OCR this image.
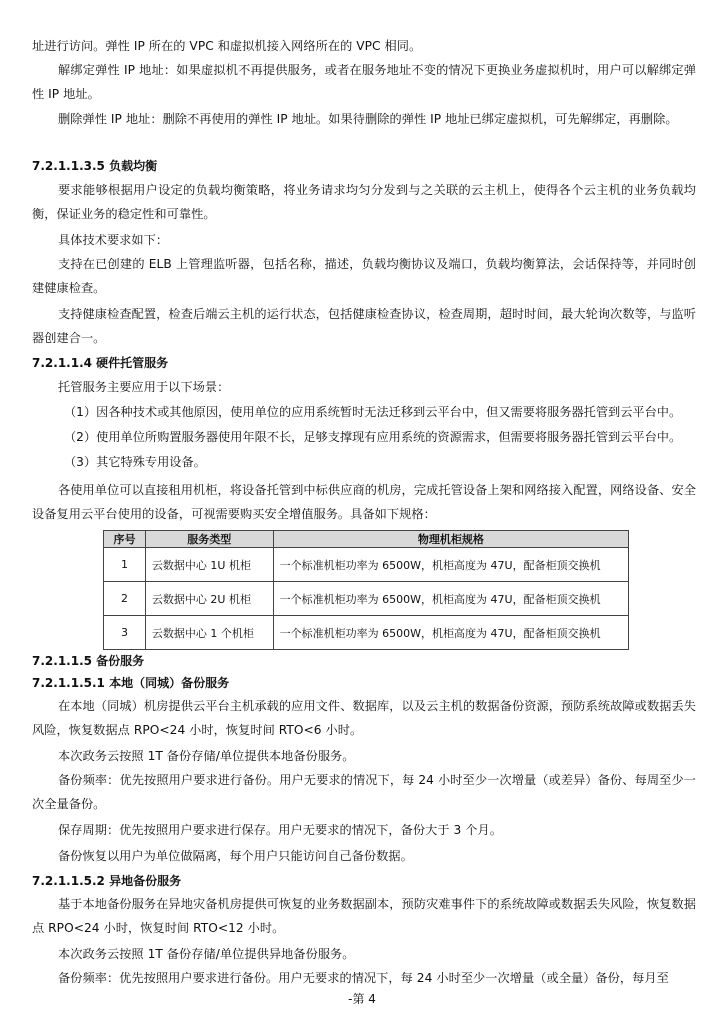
址进行访问。弹性 IP 所在的 VPC 和虚拟机接入网络所在的 VPC 相同。

解绑定弹性 IP 地址：如果虚拟机不再提供服务，或者在服务地址不变的情况下更换业务虚拟机时，用户可以解绑定弹性 IP 地址。

删除弹性 IP 地址：删除不再使用的弹性 IP 地址。如果待删除的弹性 IP 地址已绑定虚拟机，可先解绑定，再删除。

7.2.1.1.3.5 负载均衡

要求能够根据用户设定的负载均衡策略，将业务请求均匀分发到与之关联的云主机上，使得各个云主机的业务负载均衡，保证业务的稳定性和可靠性。

具体技术要求如下：

支持在已创建的 ELB 上管理监听器，包括名称，描述，负载均衡协议及端口，负载均衡算法，会话保持等，并同时创建健康检查。

支持健康检查配置，检查后端云主机的运行状态，包括健康检查协议，检查周期，超时时间，最大轮询次数等，与监听器创建合一。

7.2.1.1.4 硬件托管服务

托管服务主要应用于以下场景：

（1）因各种技术或其他原因，使用单位的应用系统暂时无法迁移到云平台中，但又需要将服务器托管到云平台中。

（2）使用单位所购置服务器使用年限不长，足够支撑现有应用系统的资源需求，但需要将服务器托管到云平台中。

（3）其它特殊专用设备。

各使用单位可以直接租用机柜，将设备托管到中标供应商的机房，完成托管设备上架和网络接入配置，网络设备、安全设备复用云平台使用的设备，可视需要购买安全增值服务。具备如下规格：

序号	服务类型	物理机柜规格
1	云数据中心 1U 机柜	一个标准机柜功率为 6500W，机柜高度为 47U，配备柜顶交换机
2	云数据中心 2U 机柜	一个标准机柜功率为 6500W，机柜高度为 47U，配备柜顶交换机
3	云数据中心 1 个机柜	一个标准机柜功率为 6500W，机柜高度为 47U，配备柜顶交换机

7.2.1.1.5 备份服务

7.2.1.1.5.1 本地（同城）备份服务

在本地（同城）机房提供云平台主机承载的应用文件、数据库，以及云主机的数据备份资源，预防系统故障或数据丢失风险，恢复数据点 RPO<24 小时，恢复时间 RTO<6 小时。

本次政务云按照 1T 备份存储/单位提供本地备份服务。

备份频率：优先按照用户要求进行备份。用户无要求的情况下，每 24 小时至少一次增量（或差异）备份、每周至少一次全量备份。

保存周期：优先按照用户要求进行保存。用户无要求的情况下，备份大于 3 个月。

备份恢复以用户为单位做隔离，每个用户只能访问自己备份数据。

7.2.1.1.5.2 异地备份服务

基于本地备份服务在异地灾备机房提供可恢复的业务数据副本，预防灾难事件下的系统故障或数据丢失风险，恢复数据点 RPO<24 小时，恢复时间 RTO<12 小时。

本次政务云按照 1T 备份存储/单位提供异地备份服务。

备份频率：优先按照用户要求进行备份。用户无要求的情况下，每 24 小时至少一次增量（或全量）备份，每月至

-第 4
